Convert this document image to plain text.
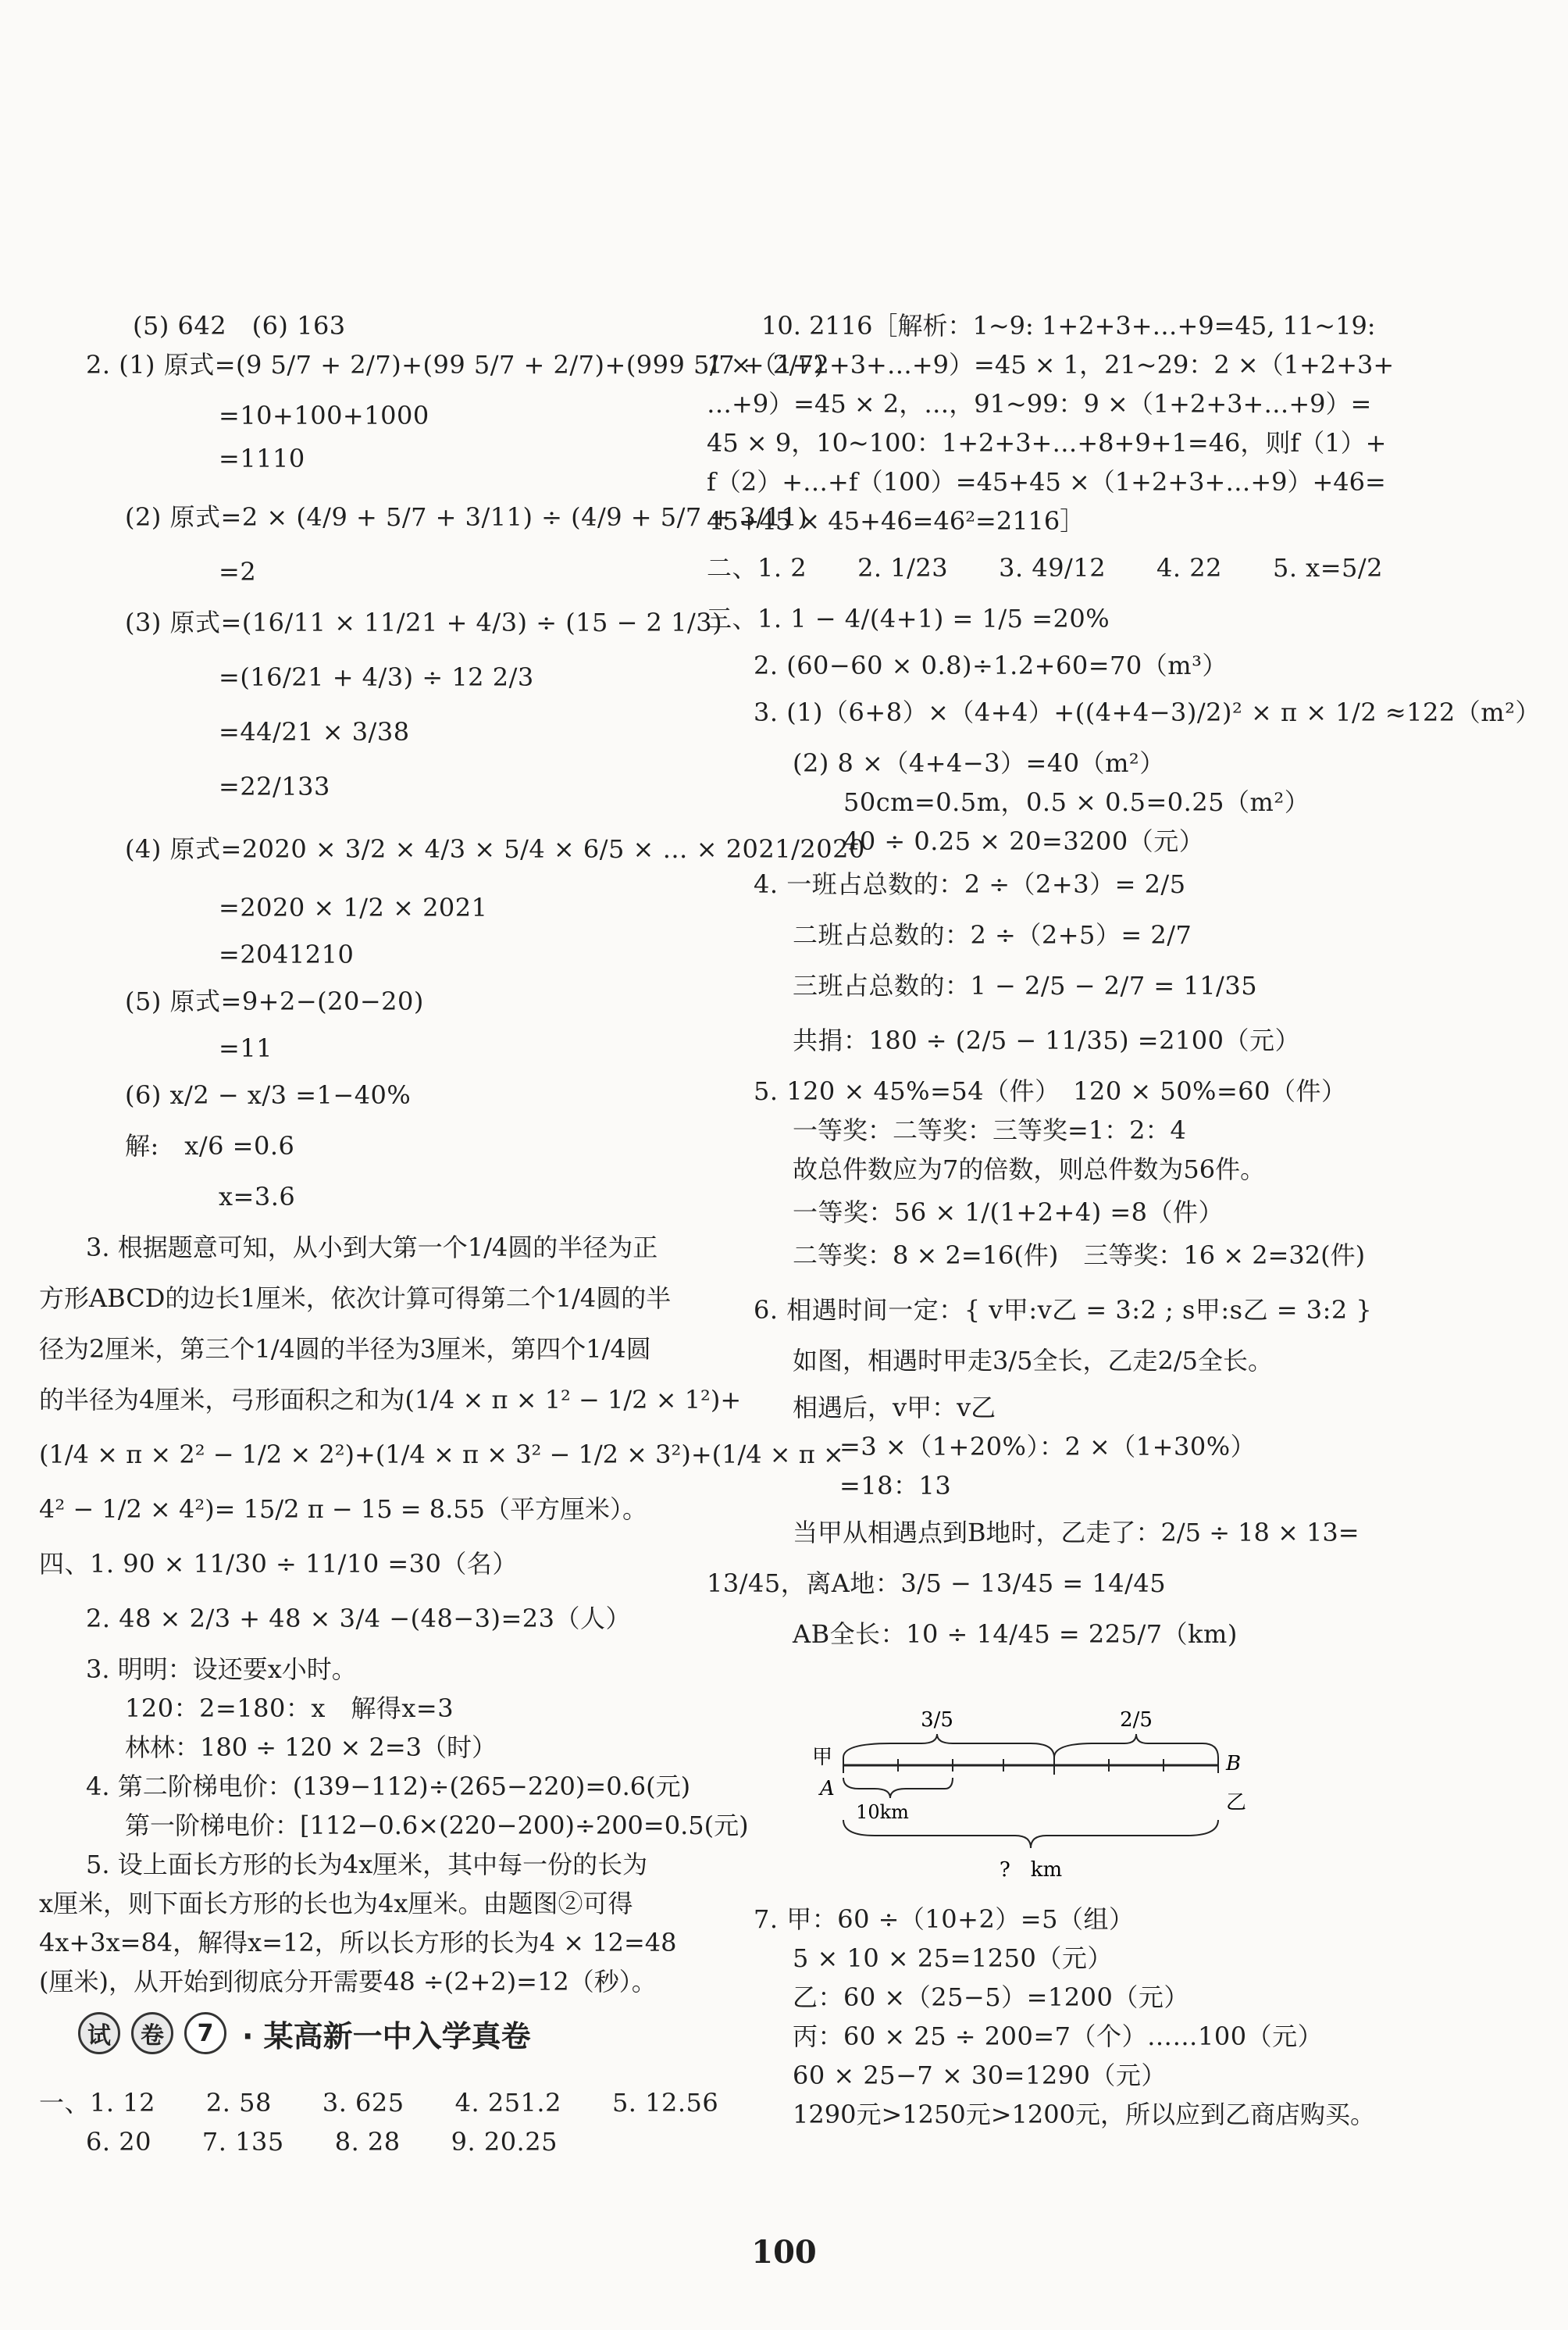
(5) 642　(6) 163
2. (1) 原式=(9 5/7 + 2/7)+(99 5/7 + 2/7)+(999 5/7 + 2/7)
=10+100+1000
=1110
(2) 原式=2 × (4/9 + 5/7 + 3/11) ÷ (4/9 + 5/7 + 3/11)
=2
(3) 原式=(16/11 × 11/21 + 4/3) ÷ (15 − 2 1/3)
=(16/21 + 4/3) ÷ 12 2/3
=44/21 × 3/38
=22/133
(4) 原式=2020 × 3/2 × 4/3 × 5/4 × 6/5 × … × 2021/2020
=2020 × 1/2 × 2021
=2041210
(5) 原式=9+2−(20−20)
=11
(6) x/2 − x/3 =1−40%
解:　x/6 =0.6
x=3.6
3. 根据题意可知，从小到大第一个1/4圆的半径为正
方形ABCD的边长1厘米，依次计算可得第二个1/4圆的半
径为2厘米，第三个1/4圆的半径为3厘米，第四个1/4圆
的半径为4厘米，弓形面积之和为(1/4 × π × 1² − 1/2 × 1²)+
(1/4 × π × 2² − 1/2 × 2²)+(1/4 × π × 3² − 1/2 × 3²)+(1/4 × π ×
4² − 1/2 × 4²)= 15/2 π − 15 = 8.55（平方厘米）。
四、1. 90 × 11/30 ÷ 11/10 =30（名）
2. 48 × 2/3 + 48 × 3/4 −(48−3)=23（人）
3. 明明：设还要x小时。
120：2=180：x　解得x=3
林林：180 ÷ 120 × 2=3（时）
4. 第二阶梯电价：(139−112)÷(265−220)=0.6(元)
第一阶梯电价：[112−0.6×(220−200)÷200=0.5(元)
5. 设上面长方形的长为4x厘米，其中每一份的长为
x厘米，则下面长方形的长也为4x厘米。由题图②可得
4x+3x=84，解得x=12，所以长方形的长为4 × 12=48
(厘米)，从开始到彻底分开需要48 ÷(2+2)=12（秒）。
一、1. 12　　2. 58　　3. 625　　4. 251.2　　5. 12.56
6. 20　　7. 135　　8. 28　　9. 20.25
试	卷	7 · 某高新一中入学真卷
10. 2116［解析：1~9: 1+2+3+…+9=45, 11~19:
1 ×（1+2+3+…+9）=45 × 1，21~29：2 ×（1+2+3+
…+9）=45 × 2，…，91~99：9 ×（1+2+3+…+9）=
45 × 9，10~100：1+2+3+…+8+9+1=46，则f（1）+
f（2）+…+f（100）=45+45 ×（1+2+3+…+9）+46=
45+45 × 45+46=46²=2116］
二、1. 2　　2. 1/23　　3. 49/12　　4. 22　　5. x=5/2
三、1. 1 − 4/(4+1) = 1/5 =20%
2. (60−60 × 0.8)÷1.2+60=70（m³）
3. (1)（6+8）×（4+4）+((4+4−3)/2)² × π × 1/2 ≈122（m²）
(2) 8 ×（4+4−3）=40（m²）
50cm=0.5m，0.5 × 0.5=0.25（m²）
40 ÷ 0.25 × 20=3200（元）
4. 一班占总数的：2 ÷（2+3）= 2/5
二班占总数的：2 ÷（2+5）= 2/7
三班占总数的：1 − 2/5 − 2/7 = 11/35
共捐：180 ÷ (2/5 − 11/35) =2100（元）
5. 120 × 45%=54（件）　120 × 50%=60（件）
一等奖：二等奖：三等奖=1：2：4
故总件数应为7的倍数，则总件数为56件。
一等奖：56 × 1/(1+2+4) =8（件）
二等奖：8 × 2=16(件)　三等奖：16 × 2=32(件)
6. 相遇时间一定：{ v甲:v乙 = 3:2 ; s甲:s乙 = 3:2 }
如图，相遇时甲走3/5全长，乙走2/5全长。
相遇后，v甲：v乙
=3 ×（1+20%）：2 ×（1+30%）
=18：13
当甲从相遇点到B地时，乙走了：2/5 ÷ 18 × 13=
13/45，离A地：3/5 − 13/45 = 14/45
AB全长：10 ÷ 14/45 = 225/7（km)
7. 甲：60 ÷（10+2）=5（组）
5 × 10 × 25=1250（元）
乙：60 ×（25−5）=1200（元）
丙：60 × 25 ÷ 200=7（个）……100（元）
60 × 25−7 × 30=1290（元）
1290元>1250元>1200元，所以应到乙商店购买。
3/5	2/5
甲
A
B
乙
10km
?　km
100
